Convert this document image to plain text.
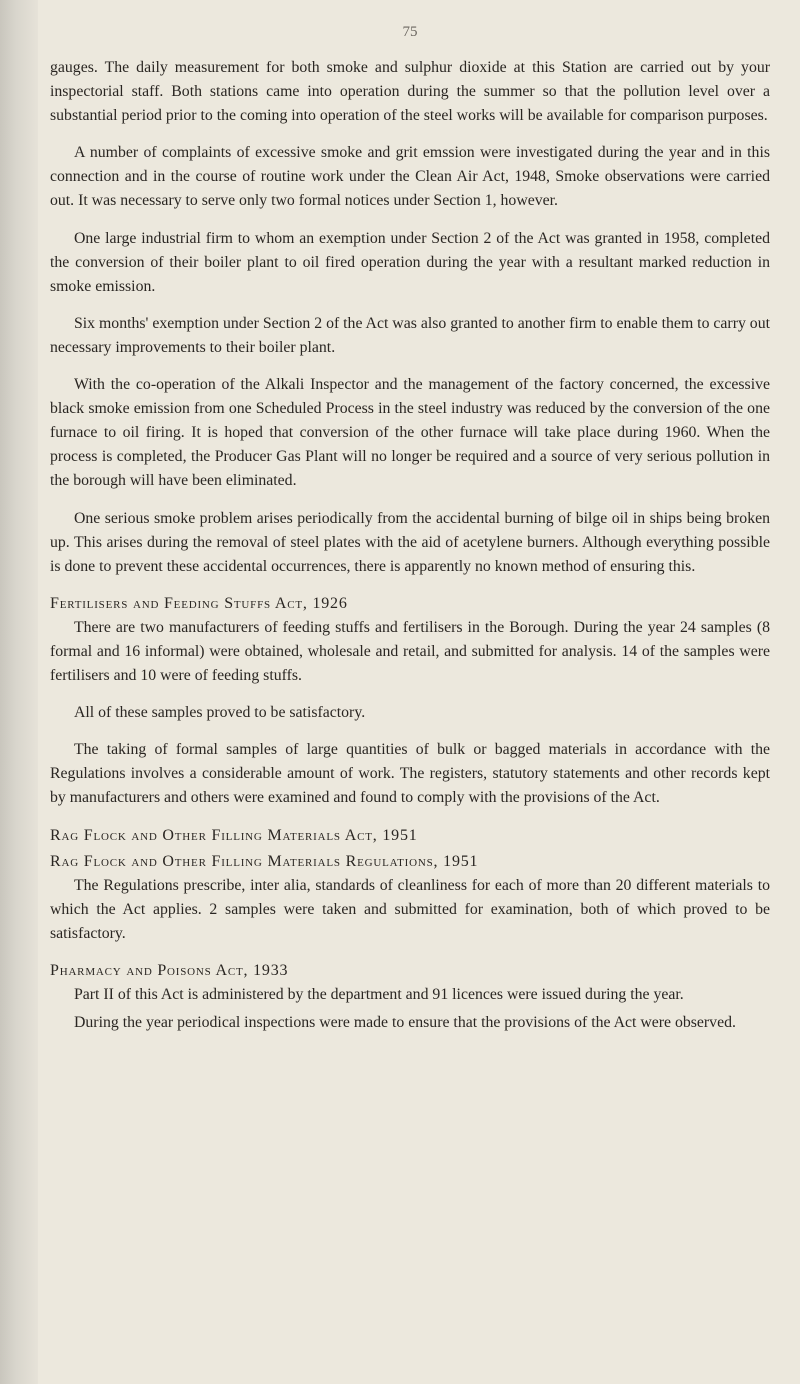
75

gauges. The daily measurement for both smoke and sulphur dioxide at this Station are carried out by your inspectorial staff. Both stations came into operation during the summer so that the pollution level over a substantial period prior to the coming into operation of the steel works will be available for comparison purposes.

A number of complaints of excessive smoke and grit emssion were investigated during the year and in this connection and in the course of routine work under the Clean Air Act, 1948, Smoke observations were carried out. It was necessary to serve only two formal notices under Section 1, however.

One large industrial firm to whom an exemption under Section 2 of the Act was granted in 1958, completed the conversion of their boiler plant to oil fired operation during the year with a resultant marked reduction in smoke emission.

Six months' exemption under Section 2 of the Act was also granted to another firm to enable them to carry out necessary improvements to their boiler plant.

With the co-operation of the Alkali Inspector and the management of the factory concerned, the excessive black smoke emission from one Scheduled Process in the steel industry was reduced by the conversion of the one furnace to oil firing. It is hoped that conversion of the other furnace will take place during 1960. When the process is completed, the Producer Gas Plant will no longer be required and a source of very serious pollution in the borough will have been eliminated.

One serious smoke problem arises periodically from the accidental burning of bilge oil in ships being broken up. This arises during the removal of steel plates with the aid of acetylene burners. Although everything possible is done to prevent these accidental occurrences, there is apparently no known method of ensuring this.

Fertilisers and Feeding Stuffs Act, 1926

There are two manufacturers of feeding stuffs and fertilisers in the Borough. During the year 24 samples (8 formal and 16 informal) were obtained, wholesale and retail, and submitted for analysis. 14 of the samples were fertilisers and 10 were of feeding stuffs.

All of these samples proved to be satisfactory.

The taking of formal samples of large quantities of bulk or bagged materials in accordance with the Regulations involves a considerable amount of work. The registers, statutory statements and other records kept by manufacturers and others were examined and found to comply with the provisions of the Act.

Rag Flock and Other Filling Materials Act, 1951
Rag Flock and Other Filling Materials Regulations, 1951

The Regulations prescribe, inter alia, standards of cleanliness for each of more than 20 different materials to which the Act applies. 2 samples were taken and submitted for examination, both of which proved to be satisfactory.

Pharmacy and Poisons Act, 1933

Part II of this Act is administered by the department and 91 licences were issued during the year.

During the year periodical inspections were made to ensure that the provisions of the Act were observed.
